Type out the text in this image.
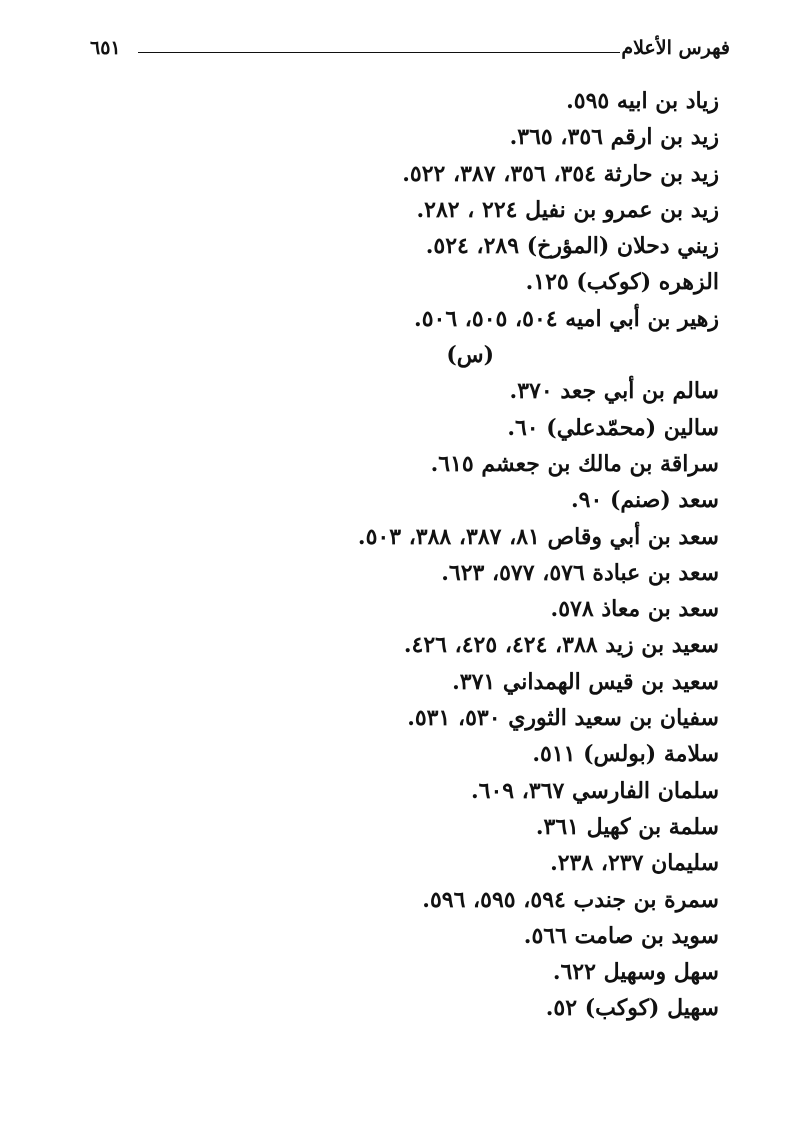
فهرس الأعلام
٦٥١
زياد بن ابيه ٥٩٥.
زيد بن ارقم ٣٥٦، ٣٦٥.
زيد بن حارثة ٣٥٤، ٣٥٦، ٣٨٧، ٥٢٢.
زيد بن عمرو بن نفيل ٢٢٤ ، ٢٨٢.
زيني دحلان (المؤرخ) ٢٨٩، ٥٢٤.
الزهره (كوكب) ١٢٥.
زهير بن أبي اميه ٥٠٤، ٥٠٥، ٥٠٦.
(س)
سالم بن أبي جعد ٣٧٠.
سالين (محمّدعلي) ٦٠.
سراقة بن مالك بن جعشم ٦١٥.
سعد (صنم) ٩٠.
سعد بن أبي وقاص ٨١، ٣٨٧، ٣٨٨، ٥٠٣.
سعد بن عبادة ٥٧٦، ٥٧٧، ٦٢٣.
سعد بن معاذ ٥٧٨.
سعيد بن زيد ٣٨٨، ٤٢٤، ٤٢٥، ٤٢٦.
سعيد بن قيس الهمداني ٣٧١.
سفيان بن سعيد الثوري ٥٣٠، ٥٣١.
سلامة (بولس) ٥١١.
سلمان الفارسي ٣٦٧، ٦٠٩.
سلمة بن كهيل ٣٦١.
سليمان ٢٣٧، ٢٣٨.
سمرة بن جندب ٥٩٤، ٥٩٥، ٥٩٦.
سويد بن صامت ٥٦٦.
سهل وسهيل ٦٢٢.
سهيل (كوكب) ٥٢.
